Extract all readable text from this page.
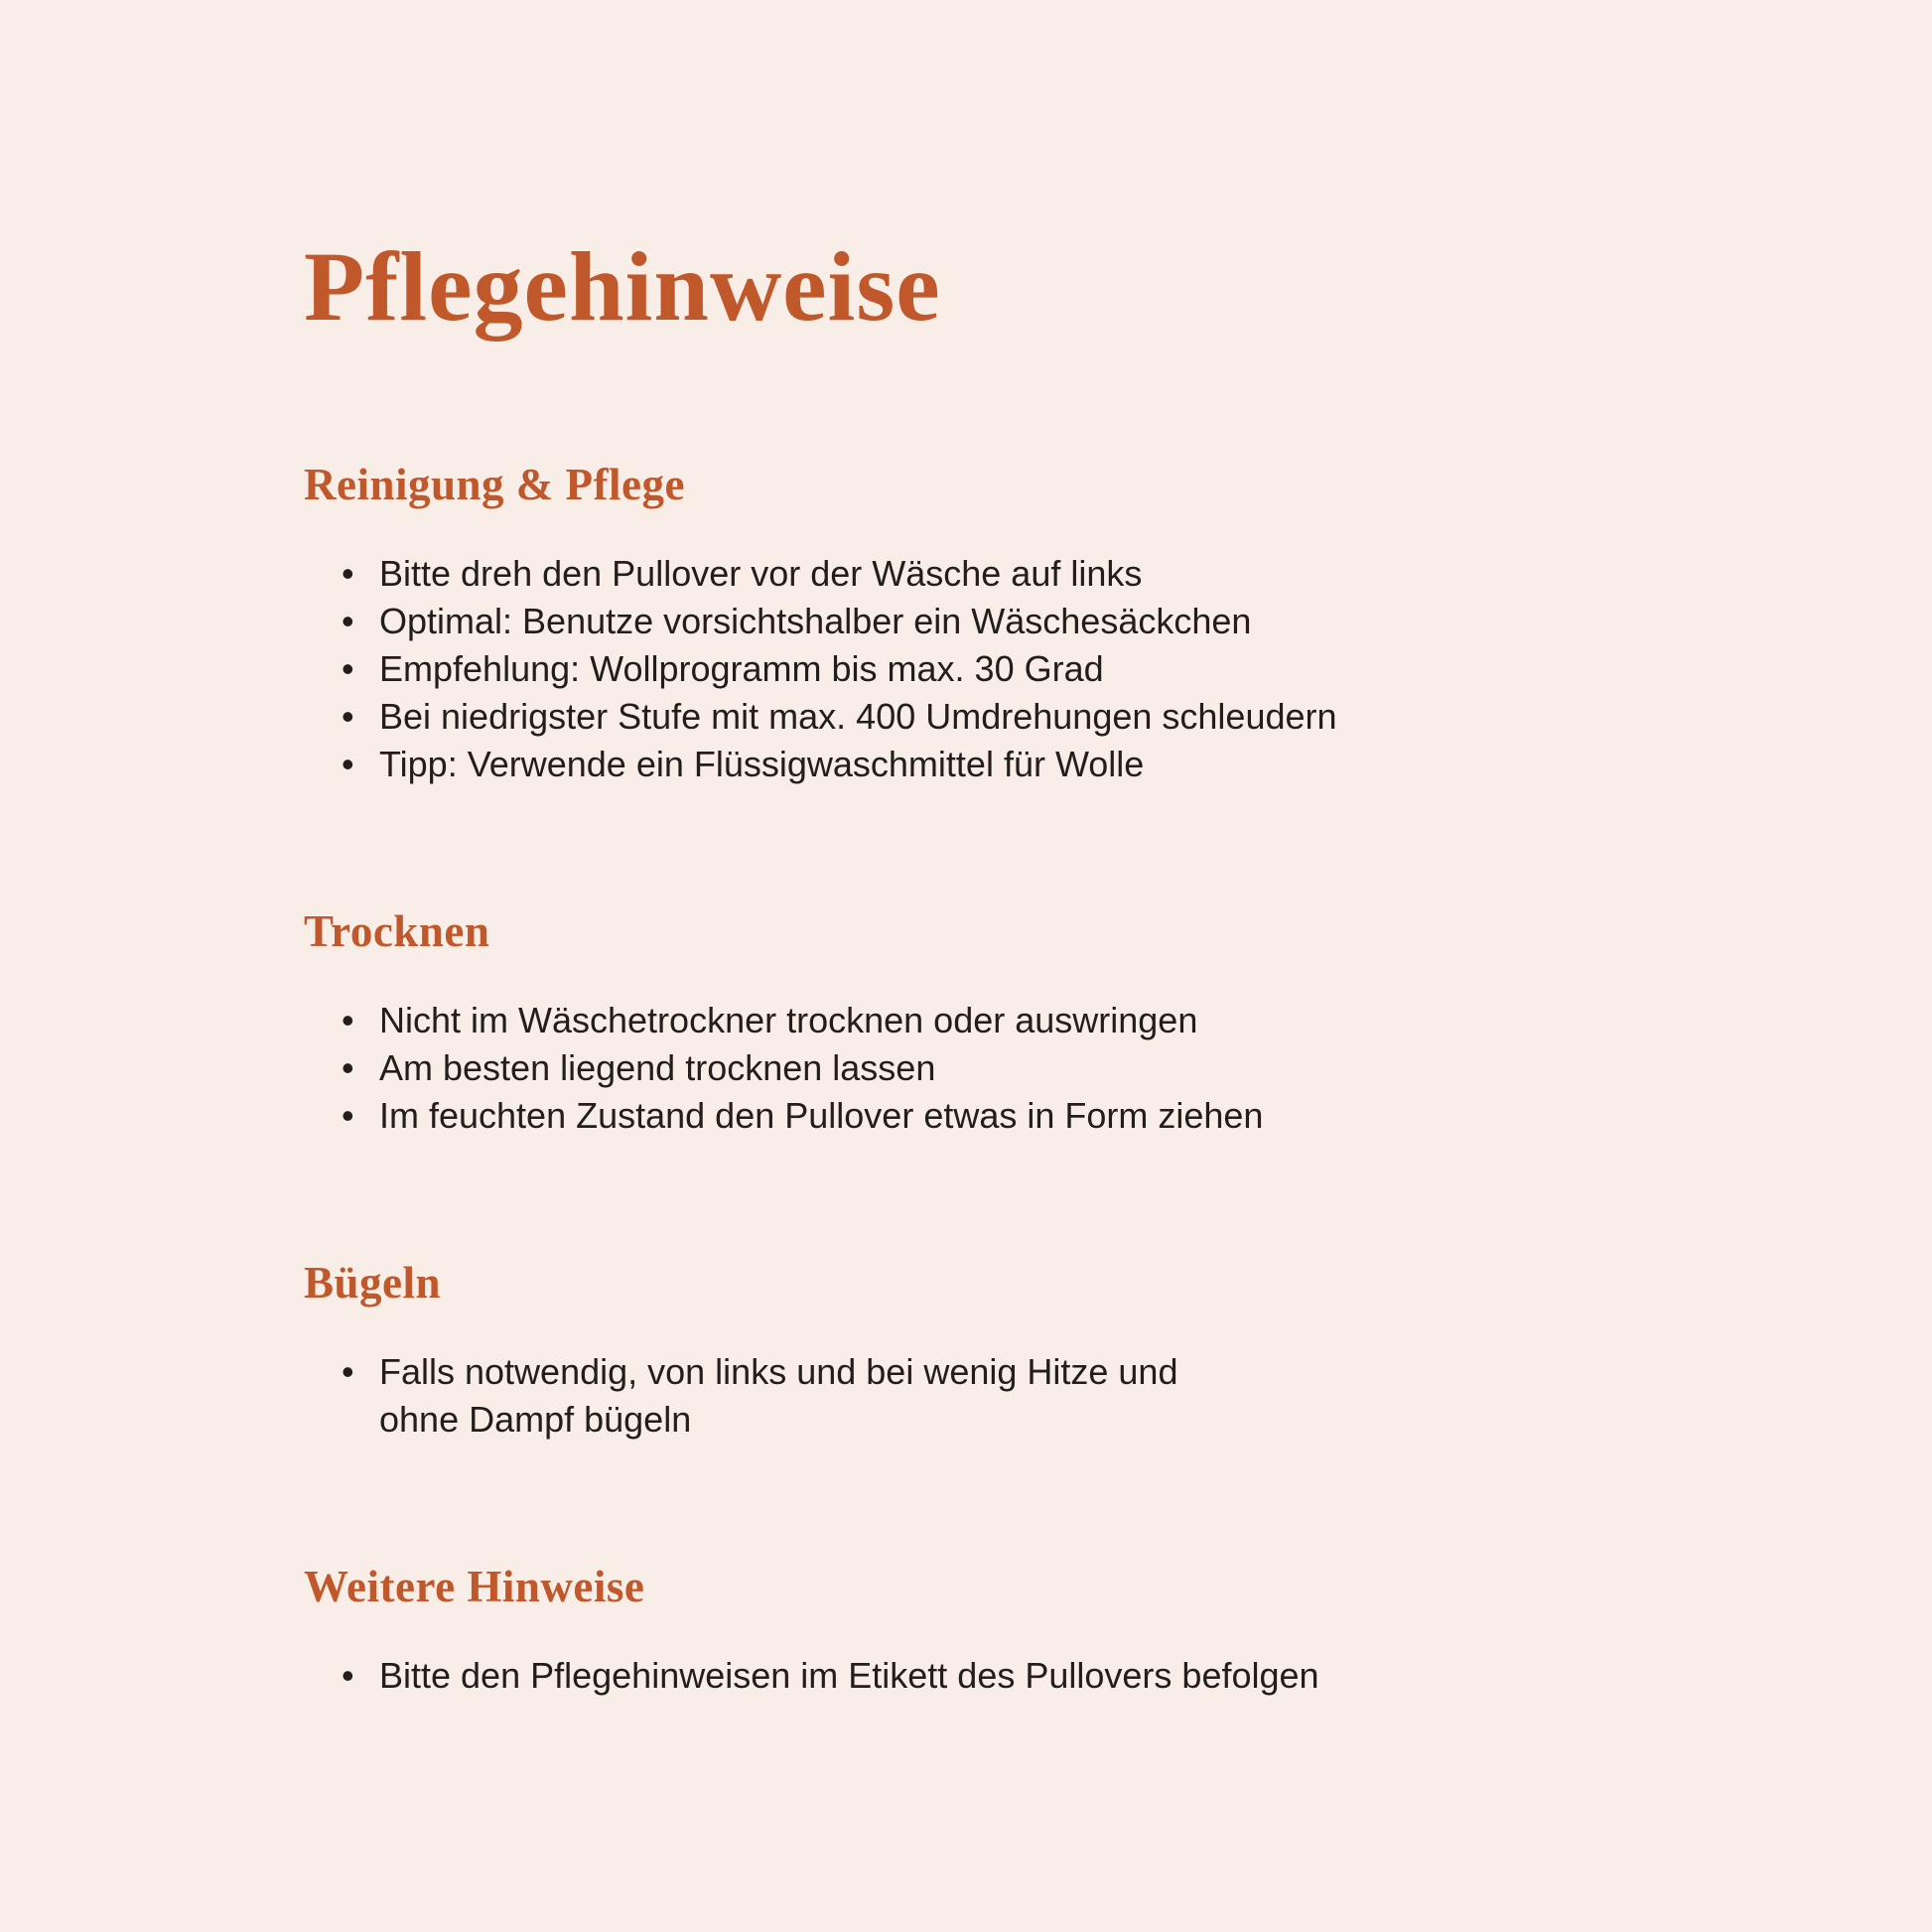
Pflegehinweise
Reinigung & Pflege
• Bitte dreh den Pullover vor der Wäsche auf links
• Optimal: Benutze vorsichtshalber ein Wäschesäckchen
• Empfehlung: Wollprogramm bis max. 30 Grad
• Bei niedrigster Stufe mit max. 400 Umdrehungen schleudern
• Tipp: Verwende ein Flüssigwaschmittel für Wolle
Trocknen
• Nicht im Wäschetrockner trocknen oder auswringen
• Am besten liegend trocknen lassen
• Im feuchten Zustand den Pullover etwas in Form ziehen
Bügeln
• Falls notwendig, von links und bei wenig Hitze und ohne Dampf bügeln
Weitere Hinweise
• Bitte den Pflegehinweisen im Etikett des Pullovers befolgen
